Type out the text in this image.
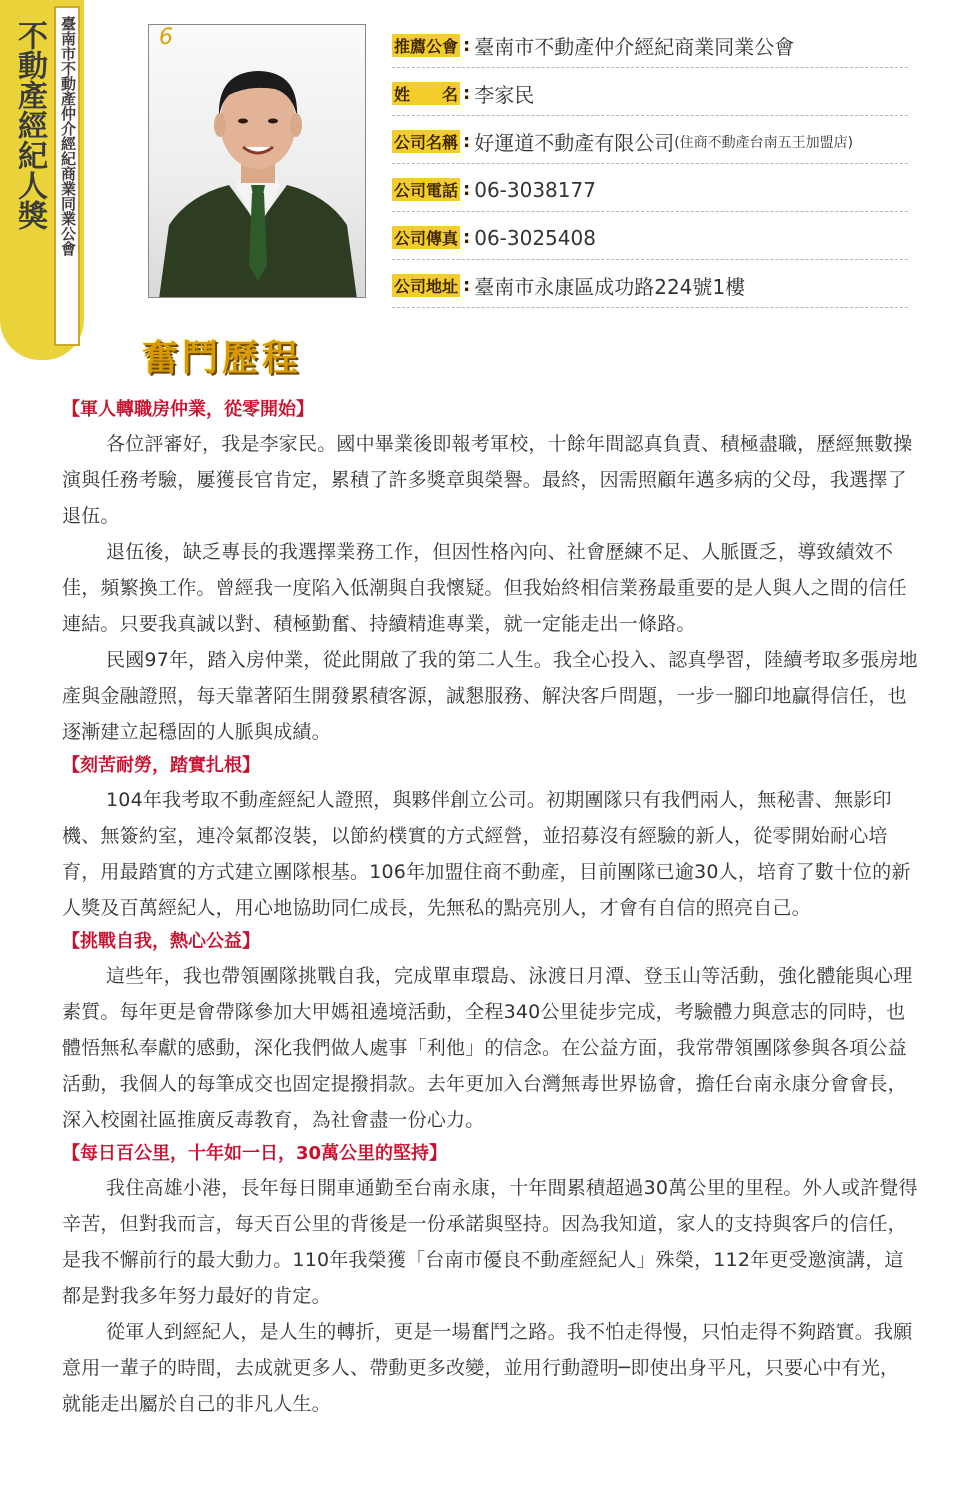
不動產經紀人獎 臺南市不動產仲介經紀商業同業公會	6	推薦公會 : 臺南市不動產仲介經紀商業同業公會
姓　　名 : 李家民
公司名稱 : 好運道不動產有限公司 (住商不動產台南五王加盟店)
公司電話 : 06-3038177
公司傳真 : 06-3025408
公司地址 : 臺南市永康區成功路224號1樓
奮鬥歷程
【軍人轉職房仲業，從零開始】

各位評審好，我是李家民。國中畢業後即報考軍校，十餘年間認真負責、積極盡職，歷經無數操演與任務考驗，屢獲長官肯定，累積了許多獎章與榮譽。最終，因需照顧年邁多病的父母，我選擇了退伍。

退伍後，缺乏專長的我選擇業務工作，但因性格內向、社會歷練不足、人脈匱乏，導致績效不佳，頻繁換工作。曾經我一度陷入低潮與自我懷疑。但我始終相信業務最重要的是人與人之間的信任連結。只要我真誠以對、積極勤奮、持續精進專業，就一定能走出一條路。

民國97年，踏入房仲業，從此開啟了我的第二人生。我全心投入、認真學習，陸續考取多張房地產與金融證照，每天靠著陌生開發累積客源，誠懇服務、解決客戶問題，一步一腳印地贏得信任，也逐漸建立起穩固的人脈與成績。

【刻苦耐勞，踏實扎根】

104年我考取不動產經紀人證照，與夥伴創立公司。初期團隊只有我們兩人，無秘書、無影印機、無簽約室，連冷氣都沒裝，以節約樸實的方式經營，並招募沒有經驗的新人，從零開始耐心培育，用最踏實的方式建立團隊根基。106年加盟住商不動產，目前團隊已逾30人，培育了數十位的新人獎及百萬經紀人，用心地協助同仁成長，先無私的點亮別人，才會有自信的照亮自己。

【挑戰自我，熱心公益】

這些年，我也帶領團隊挑戰自我，完成單車環島、泳渡日月潭、登玉山等活動，強化體能與心理素質。每年更是會帶隊參加大甲媽祖遶境活動，全程340公里徒步完成，考驗體力與意志的同時，也體悟無私奉獻的感動，深化我們做人處事「利他」的信念。在公益方面，我常帶領團隊參與各項公益活動，我個人的每筆成交也固定提撥捐款。去年更加入台灣無毒世界協會，擔任台南永康分會會長，深入校園社區推廣反毒教育，為社會盡一份心力。

【每日百公里，十年如一日，30萬公里的堅持】

我住高雄小港，長年每日開車通勤至台南永康，十年間累積超過30萬公里的里程。外人或許覺得辛苦，但對我而言，每天百公里的背後是一份承諾與堅持。因為我知道，家人的支持與客戶的信任，是我不懈前行的最大動力。110年我榮獲「台南市優良不動產經紀人」殊榮，112年更受邀演講，這都是對我多年努力最好的肯定。

從軍人到經紀人，是人生的轉折，更是一場奮鬥之路。我不怕走得慢，只怕走得不夠踏實。我願意用一輩子的時間，去成就更多人、帶動更多改變，並用行動證明─即使出身平凡，只要心中有光，就能走出屬於自己的非凡人生。
